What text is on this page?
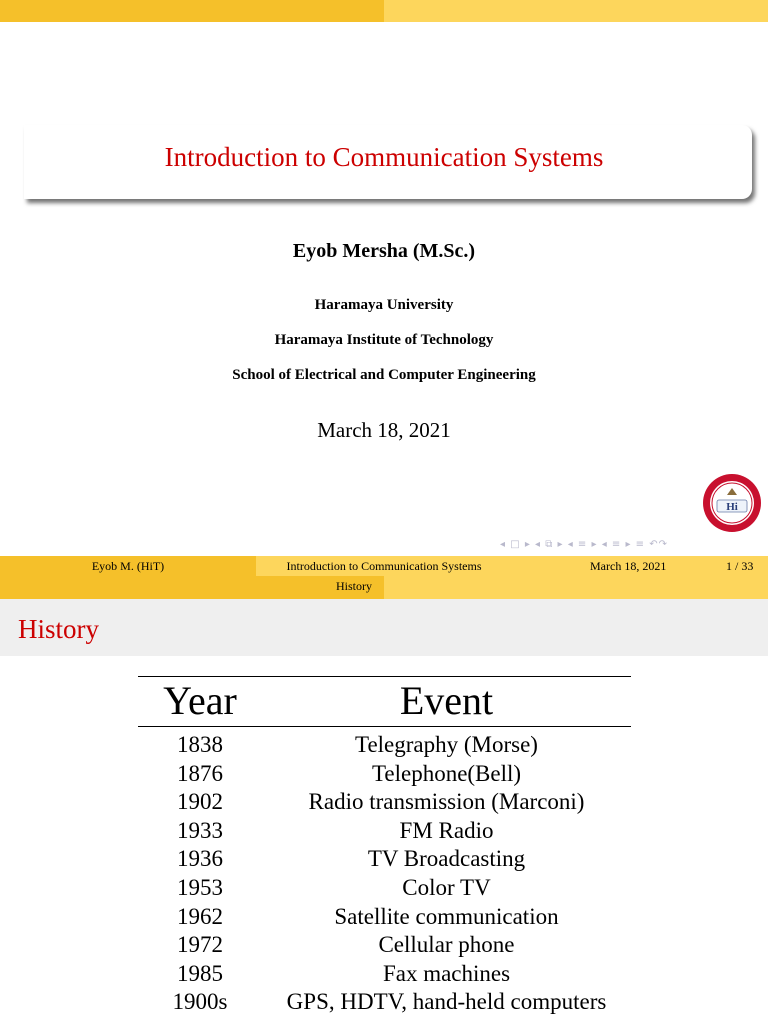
Introduction to Communication Systems
Eyob Mersha (M.Sc.)
Haramaya University
Haramaya Institute of Technology
School of Electrical and Computer Engineering
March 18, 2021
Hi
◂ □ ▸ ◂ ⧉ ▸ ◂ ≡ ▸ ◂ ≡ ▸ ≡ ↶↷
Eyob M. (HiT)	Introduction to Communication Systems	March 18, 2021	1 / 33
History
History
Year	Event
1838	Telegraphy (Morse)
1876	Telephone(Bell)
1902	Radio transmission (Marconi)
1933	FM Radio
1936	TV Broadcasting
1953	Color TV
1962	Satellite communication
1972	Cellular phone
1985	Fax machines
1900s	GPS, HDTV, hand-held computers
